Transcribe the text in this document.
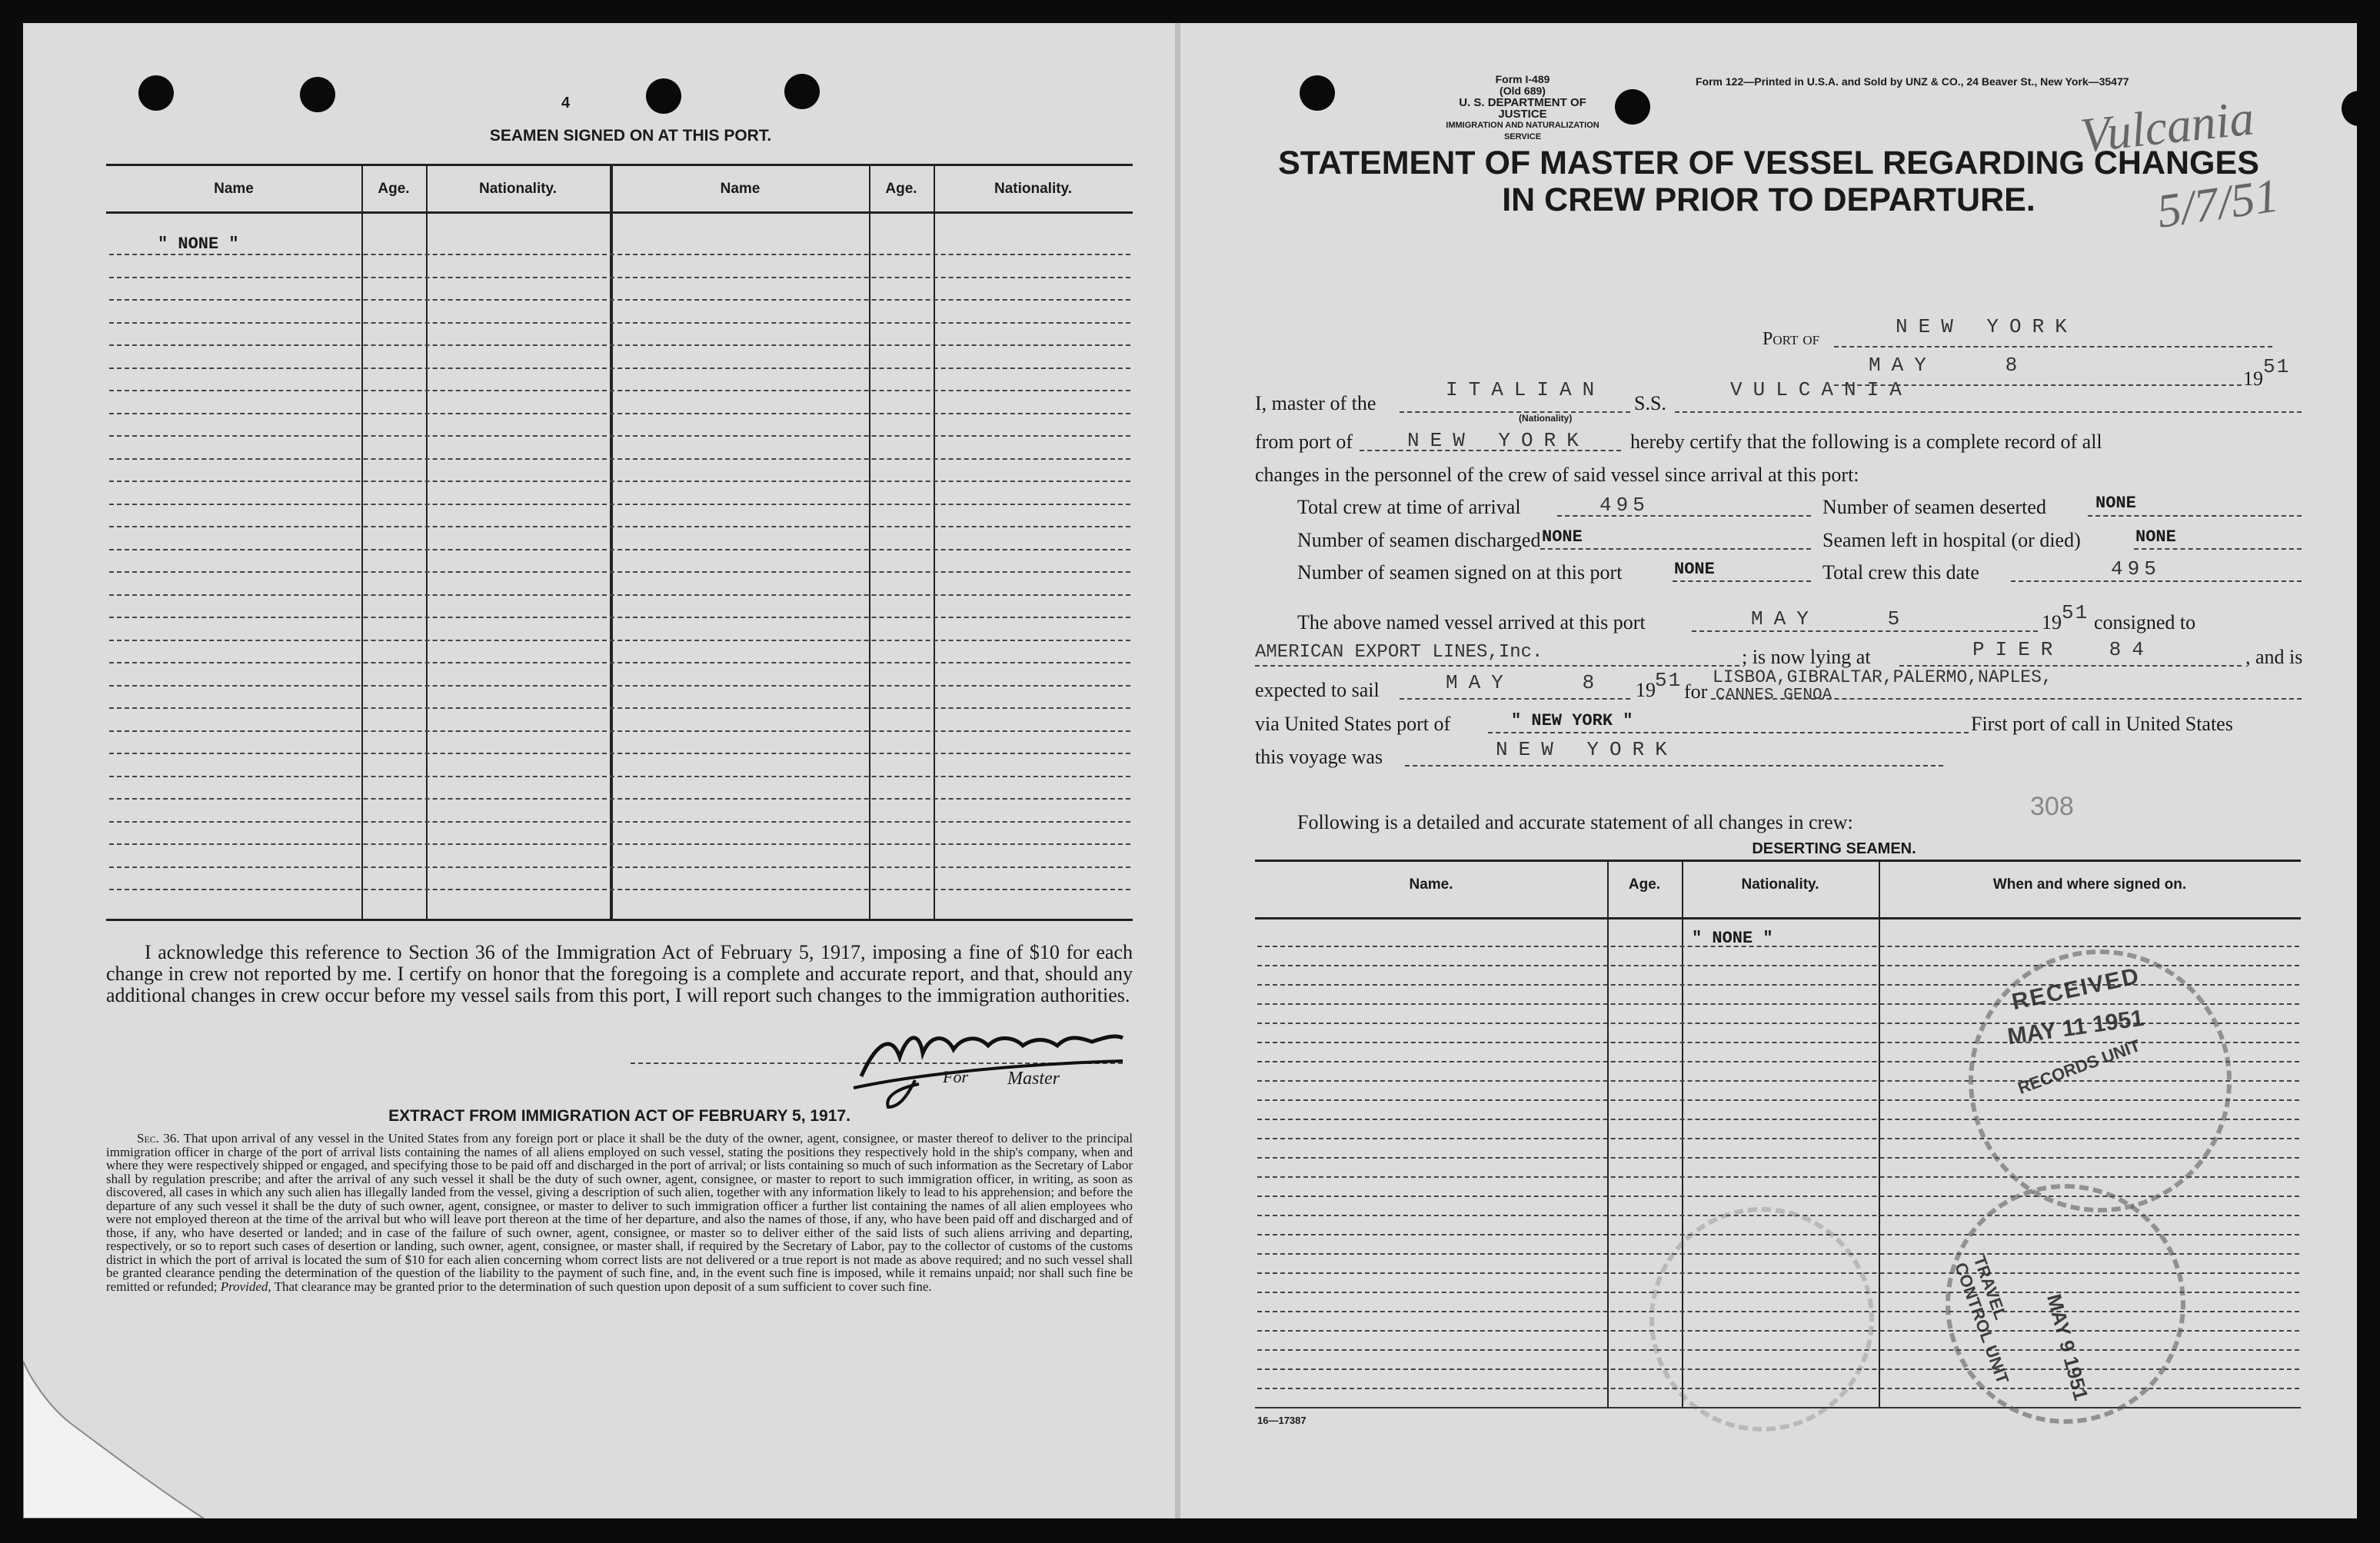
4
SEAMEN SIGNED ON AT THIS PORT.
Name	Age.	Nationality.	Name	Age.	Nationality.
" NONE "
I acknowledge this reference to Section 36 of the Immigration Act of February 5, 1917, imposing a fine of $10 for each change in crew not reported by me. I certify on honor that the foregoing is a complete and accurate report, and that, should any additional changes in crew occur before my vessel sails from this port, I will report such changes to the immigration authorities.
For Master
EXTRACT FROM IMMIGRATION ACT OF FEBRUARY 5, 1917.
Sec. 36. That upon arrival of any vessel in the United States from any foreign port or place it shall be the duty of the owner, agent, consignee, or master thereof to deliver to the principal immigration officer in charge of the port of arrival lists containing the names of all aliens employed on such vessel, stating the positions they respectively hold in the ship's company, when and where they were respectively shipped or engaged, and specifying those to be paid off and discharged in the port of arrival; or lists containing so much of such information as the Secretary of Labor shall by regulation prescribe; and after the arrival of any such vessel it shall be the duty of such owner, agent, consignee, or master to report to such immigration officer, in writing, as soon as discovered, all cases in which any such alien has illegally landed from the vessel, giving a description of such alien, together with any information likely to lead to his apprehension; and before the departure of any such vessel it shall be the duty of such owner, agent, consignee, or master to deliver to such immigration officer a further list containing the names of all alien employees who were not employed thereon at the time of the arrival but who will leave port thereon at the time of her departure, and also the names of those, if any, who have been paid off and discharged and of those, if any, who have deserted or landed; and in case of the failure of such owner, agent, consignee, or master so to deliver either of the said lists of such aliens arriving and departing, respectively, or so to report such cases of desertion or landing, such owner, agent, consignee, or master shall, if required by the Secretary of Labor, pay to the collector of customs of the customs district in which the port of arrival is located the sum of $10 for each alien concerning whom correct lists are not delivered or a true report is not made as above required; and no such vessel shall be granted clearance pending the determination of the question of the liability to the payment of such fine, and, in the event such fine is imposed, while it remains unpaid; nor shall such fine be remitted or refunded; Provided, That clearance may be granted prior to the determination of such question upon deposit of a sum sufficient to cover such fine.
Form I-489
(Old 689)
U. S. DEPARTMENT OF JUSTICE
IMMIGRATION AND NATURALIZATION SERVICE
Form 122—Printed in U.S.A. and Sold by UNZ & CO., 24 Beaver St., New York—35477
Vulcania
5/7/51
STATEMENT OF MASTER OF VESSEL REGARDING CHANGES
IN CREW PRIOR TO DEPARTURE.
Port of
NEW YORK
MAY   8
19
51
I, master of the
ITALIAN
(Nationality)
S.S.
VULCANIA
from port of	NEW YORK hereby certify that the following is a complete record of all
changes in the personnel of the crew of said vessel since arrival at this port:
Total crew at time of arrival	495	Number of seamen deserted	NONE
Number of seamen discharged NONE	Seamen left in hospital (or died)	NONE
Number of seamen signed on at this port	NONE	Total crew this date	495
The above named vessel arrived at this port	MAY   5	19 51 consigned to
AMERICAN EXPORT LINES,Inc.	; is now lying at	PIER  84	, and is
expected to sail	MAY   8 19 51 for
LISBOA,GIBRALTAR,PALERMO,NAPLES,
CANNES GENOA
via United States port of	" NEW YORK "	First port of call in United States
this voyage was	NEW YORK
308
Following is a detailed and accurate statement of all changes in crew:
DESERTING SEAMEN.
Name.	Age.	Nationality.	When and where signed on.
" NONE "
16—17387
RECEIVED
MAY 11 1951
RECORDS UNIT
TRAVEL CONTROL UNIT	MAY 9 1951
